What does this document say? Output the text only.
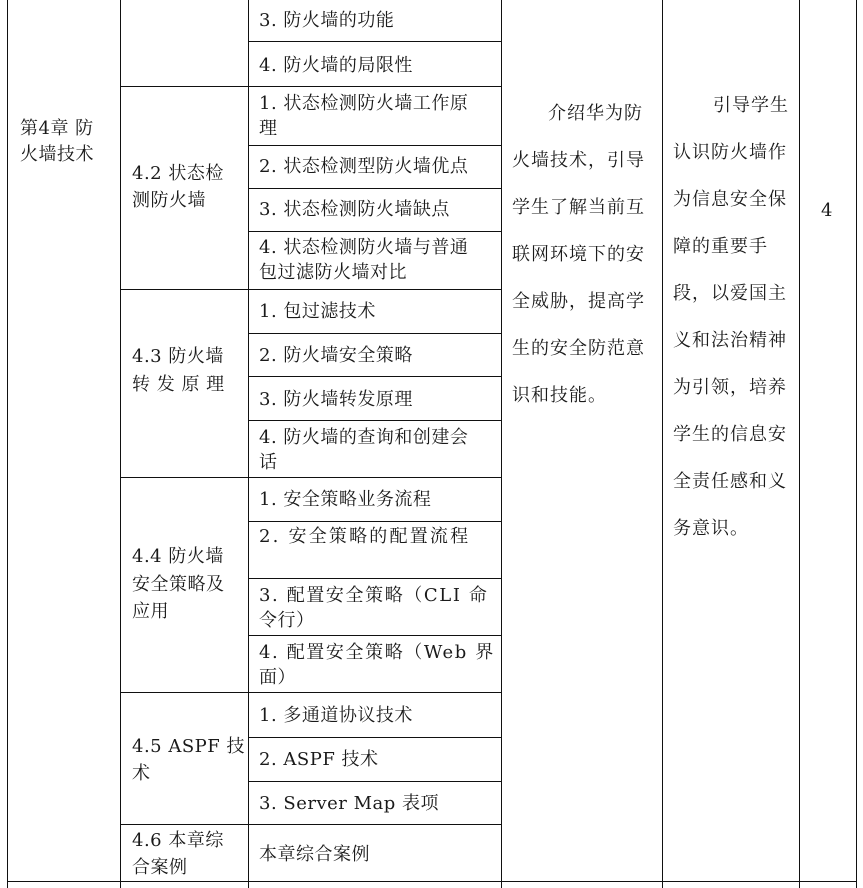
第4章 防
火墙技术
4.2 状态检
测防火墙
4.3 防火墙
转 发 原 理
4.4 防火墙
安全策略及
应用
4.5 ASPF 技
术
4.6 本章综
合案例
3. 防火墙的功能
4. 防火墙的局限性
1. 状态检测防火墙工作原
理
2. 状态检测型防火墙优点
3. 状态检测防火墙缺点
4. 状态检测防火墙与普通
包过滤防火墙对比
1. 包过滤技术
2. 防火墙安全策略
3. 防火墙转发原理
4. 防火墙的查询和创建会
话
1. 安全策略业务流程
2. 安全策略的配置流程
3. 配置安全策略（CLI 命
令行）
4. 配置安全策略（Web 界
面）
1. 多通道协议技术
2. ASPF 技术
3. Server Map 表项
本章综合案例
介绍华为防火墙技术，引导学生了解当前互联网环境下的安全威胁，提高学生的安全防范意识和技能。
引导学生认识防火墙作为信息安全保障的重要手段，以爱国主义和法治精神为引领，培养学生的信息安全责任感和义务意识。
4
